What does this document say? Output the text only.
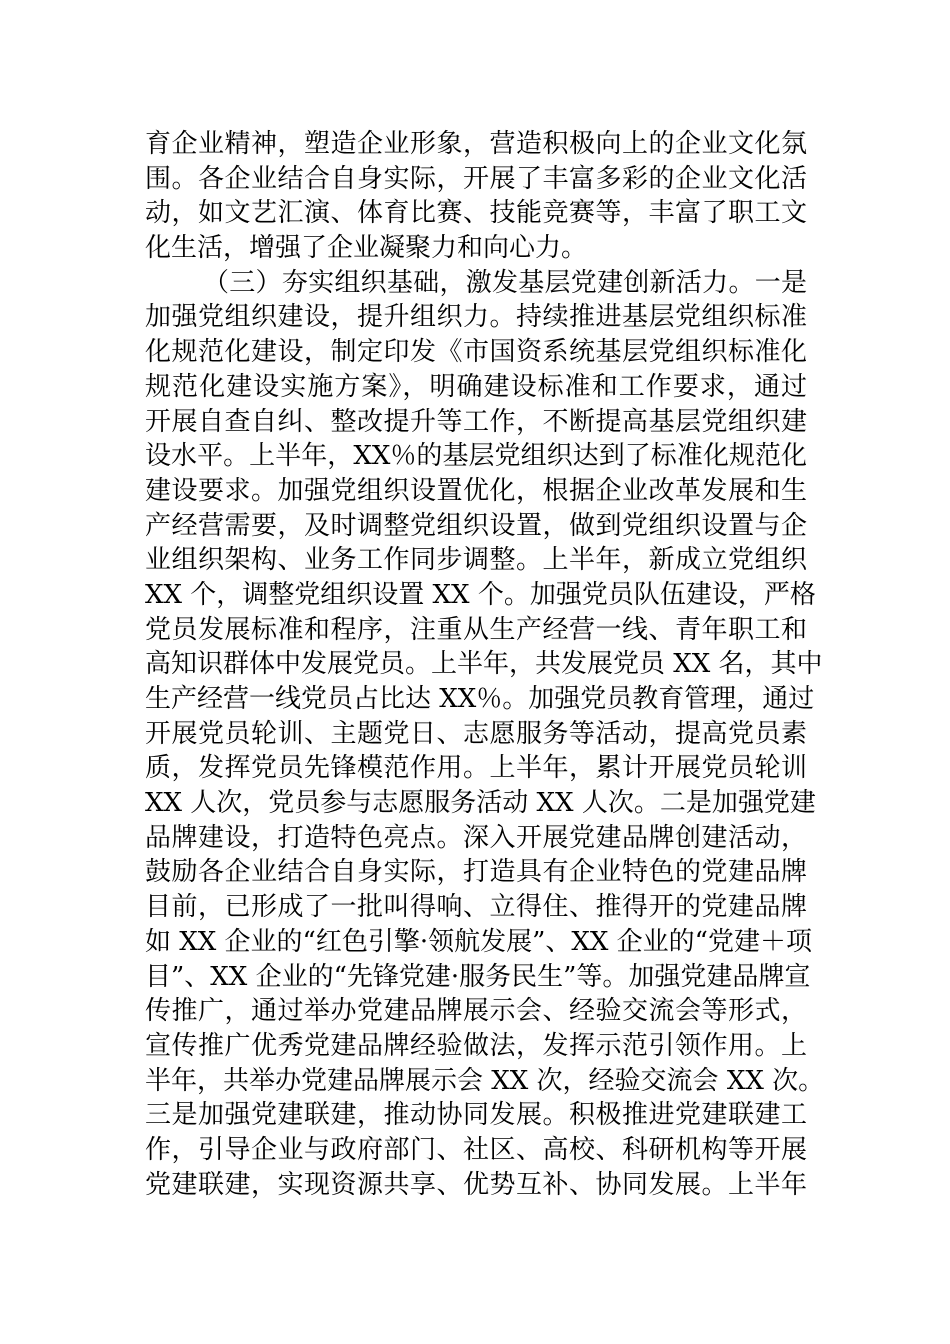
育企业精神，塑造企业形象，营造积极向上的企业文化氛
围。各企业结合自身实际，开展了丰富多彩的企业文化活
动，如文艺汇演、体育比赛、技能竞赛等，丰富了职工文
化生活，增强了企业凝聚力和向心力。
（三）夯实组织基础，激发基层党建创新活力。一是
加强党组织建设，提升组织力。持续推进基层党组织标准
化规范化建设，制定印发《市国资系统基层党组织标准化
规范化建设实施方案》，明确建设标准和工作要求，通过
开展自查自纠、整改提升等工作，不断提高基层党组织建
设水平。上半年，XX％的基层党组织达到了标准化规范化
建设要求。加强党组织设置优化，根据企业改革发展和生
产经营需要，及时调整党组织设置，做到党组织设置与企
业组织架构、业务工作同步调整。上半年，新成立党组织
XX 个，调整党组织设置 XX 个。加强党员队伍建设，严格
党员发展标准和程序，注重从生产经营一线、青年职工和
高知识群体中发展党员。上半年，共发展党员 XX 名，其中
生产经营一线党员占比达 XX％。加强党员教育管理，通过
开展党员轮训、主题党日、志愿服务等活动，提高党员素
质，发挥党员先锋模范作用。上半年，累计开展党员轮训
XX 人次，党员参与志愿服务活动 XX 人次。二是加强党建
品牌建设，打造特色亮点。深入开展党建品牌创建活动，
鼓励各企业结合自身实际，打造具有企业特色的党建品牌
目前，已形成了一批叫得响、立得住、推得开的党建品牌
如 XX 企业的“红色引擎·领航发展”、XX 企业的“党建＋项
目”、XX 企业的“先锋党建·服务民生”等。加强党建品牌宣
传推广，通过举办党建品牌展示会、经验交流会等形式，
宣传推广优秀党建品牌经验做法，发挥示范引领作用。上
半年，共举办党建品牌展示会 XX 次，经验交流会 XX 次。
三是加强党建联建，推动协同发展。积极推进党建联建工
作，引导企业与政府部门、社区、高校、科研机构等开展
党建联建，实现资源共享、优势互补、协同发展。上半年
